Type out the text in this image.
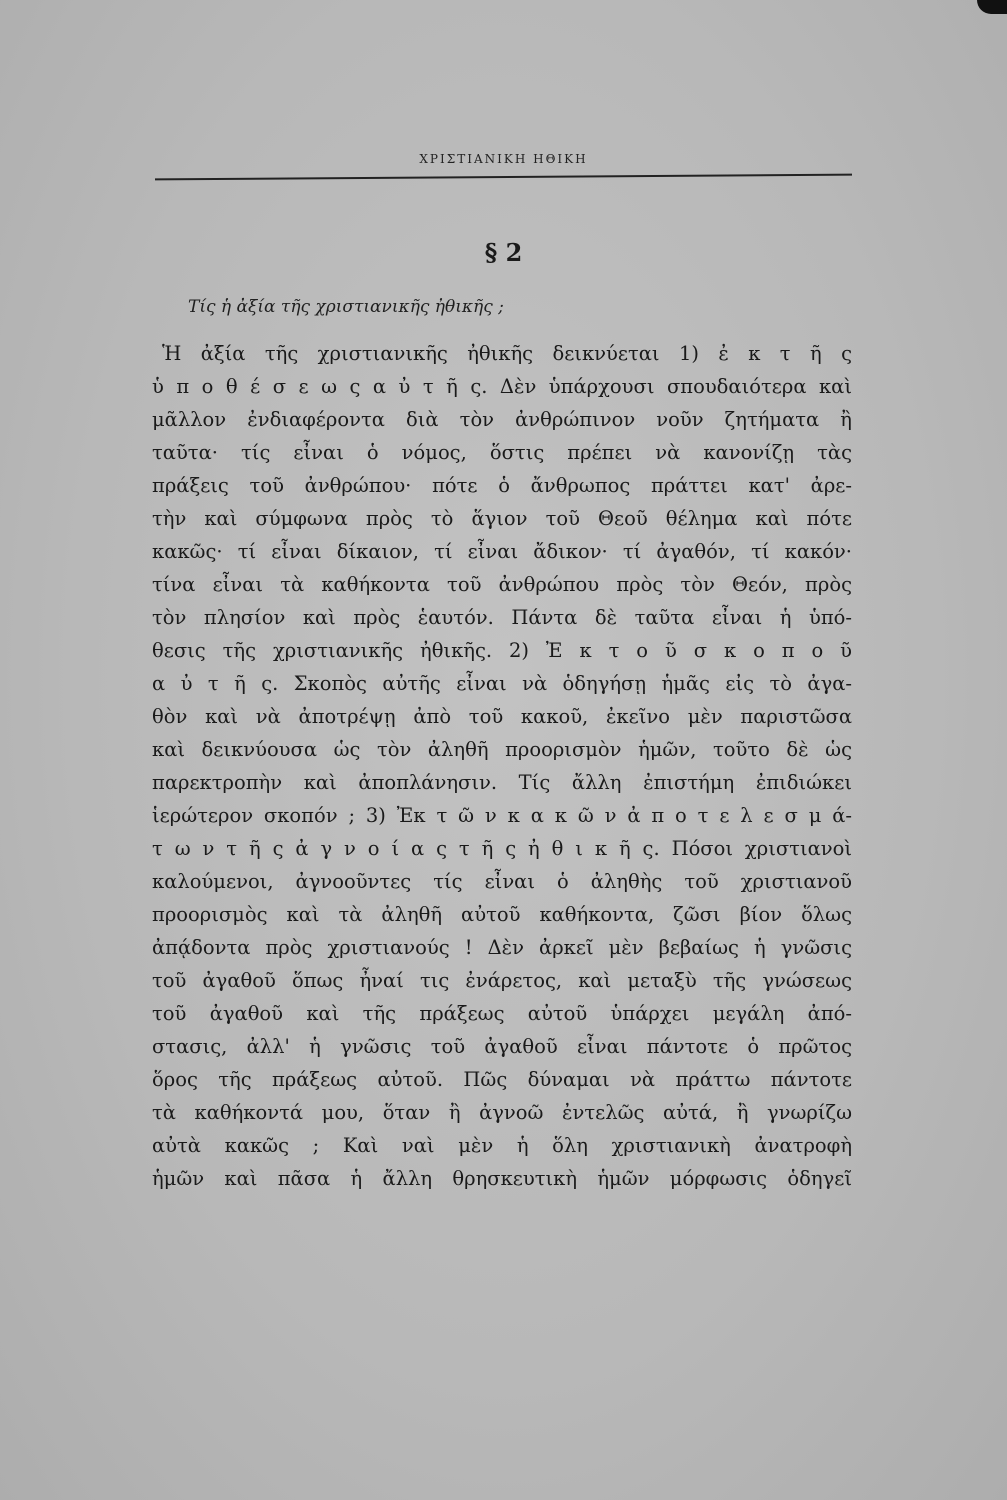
ΧΡΙΣΤΙΑΝΙΚΗ ΗΘΙΚΗ
§ 2
Τίς ἡ ἀξία τῆς χριστιανικῆς ἠθικῆς ;
Ἡ ἀξία τῆς χριστιανικῆς ἠθικῆς δεικνύεται 1) ἐ κ τ ῆ ς
ὑ π ο θ έ σ ε ω ς α ὐ τ ῆ ς. Δὲν ὑπάρχουσι σπουδαιότερα καὶ
μᾶλλον ἐνδιαφέροντα διὰ τὸν ἀνθρώπινον νοῦν ζητήματα ἢ
ταῦτα· τίς εἶναι ὁ νόμος, ὅστις πρέπει νὰ κανονίζῃ τὰς
πράξεις τοῦ ἀνθρώπου· πότε ὁ ἄνθρωπος πράττει κατ' ἀρε-
τὴν καὶ σύμφωνα πρὸς τὸ ἅγιον τοῦ Θεοῦ θέλημα καὶ πότε
κακῶς· τί εἶναι δίκαιον, τί εἶναι ἄδικον· τί ἀγαθόν, τί κακόν·
τίνα εἶναι τὰ καθήκοντα τοῦ ἀνθρώπου πρὸς τὸν Θεόν, πρὸς
τὸν πλησίον καὶ πρὸς ἑαυτόν. Πάντα δὲ ταῦτα εἶναι ἡ ὑπό-
θεσις τῆς χριστιανικῆς ἠθικῆς. 2) Ἐ κ τ ο ῦ σ κ ο π ο ῦ
α ὐ τ ῆ ς. Σκοπὸς αὐτῆς εἶναι νὰ ὁδηγήσῃ ἡμᾶς εἰς τὸ ἀγα-
θὸν καὶ νὰ ἀποτρέψῃ ἀπὸ τοῦ κακοῦ, ἐκεῖνο μὲν παριστῶσα
καὶ δεικνύουσα ὡς τὸν ἀληθῆ προορισμὸν ἡμῶν, τοῦτο δὲ ὡς
παρεκτροπὴν καὶ ἀποπλάνησιν. Τίς ἄλλη ἐπιστήμη ἐπιδιώκει
ἱερώτερον σκοπόν ; 3) Ἐκ τ ῶ ν κ α κ ῶ ν ἀ π ο τ ε λ ε σ μ ά-
τ ω ν τ ῆ ς ἀ γ ν ο ί α ς τ ῆ ς ἠ θ ι κ ῆ ς. Πόσοι χριστιανοὶ
καλούμενοι, ἀγνοοῦντες τίς εἶναι ὁ ἀληθὴς τοῦ χριστιανοῦ
προορισμὸς καὶ τὰ ἀληθῆ αὐτοῦ καθήκοντα, ζῶσι βίον ὅλως
ἀπᾴδοντα πρὸς χριστιανούς ! Δὲν ἀρκεῖ μὲν βεβαίως ἡ γνῶσις
τοῦ ἀγαθοῦ ὅπως ἦναί τις ἐνάρετος, καὶ μεταξὺ τῆς γνώσεως
τοῦ ἀγαθοῦ καὶ τῆς πράξεως αὐτοῦ ὑπάρχει μεγάλη ἀπό-
στασις, ἀλλ' ἡ γνῶσις τοῦ ἀγαθοῦ εἶναι πάντοτε ὁ πρῶτος
ὅρος τῆς πράξεως αὐτοῦ. Πῶς δύναμαι νὰ πράττω πάντοτε
τὰ καθήκοντά μου, ὅταν ἢ ἀγνοῶ ἐντελῶς αὐτά, ἢ γνωρίζω
αὐτὰ κακῶς ; Καὶ ναὶ μὲν ἡ ὅλη χριστιανικὴ ἀνατροφὴ
ἡμῶν καὶ πᾶσα ἡ ἄλλη θρησκευτικὴ ἡμῶν μόρφωσις ὁδηγεῖ
